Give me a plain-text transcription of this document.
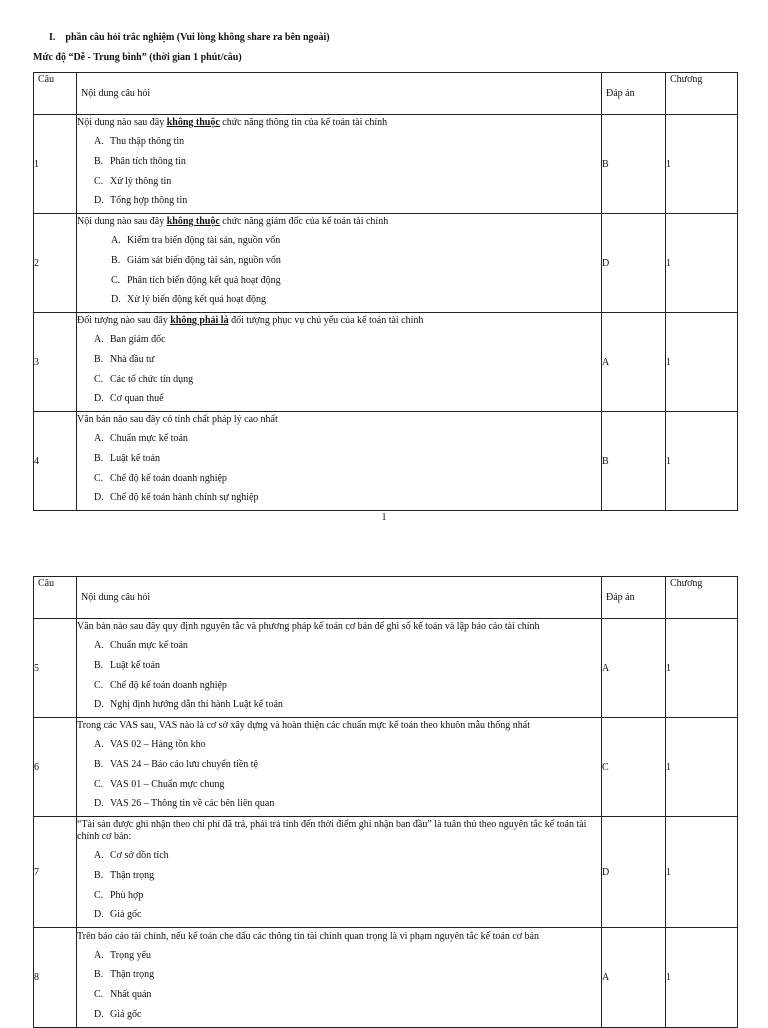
I. phần câu hỏi trắc nghiệm (Vui lòng không share ra bên ngoài)
Mức độ “Dễ - Trung bình” (thời gian 1 phút/câu)
Câu	Nội dung câu hỏi	Đáp án	Chương
1	Nội dung nào sau đây không thuộc chức năng thông tin của kế toán tài chính
A. Thu thập thông tin
B. Phân tích thông tin
C. Xử lý thông tin
D. Tổng hợp thông tin	B	1
2	Nội dung nào sau đây không thuộc chức năng giám đốc của kế toán tài chính
A. Kiểm tra biến động tài sản, nguồn vốn
B. Giám sát biến động tài sản, nguồn vốn
C. Phân tích biến động kết quả hoạt động
D. Xử lý biến động kết quả hoạt động	D	1
3	Đối tượng nào sau đây không phải là đối tượng phục vụ chủ yếu của kế toán tài chính
A. Ban giám đốc
B. Nhà đầu tư
C. Các tổ chức tín dụng
D. Cơ quan thuế	A	1
4	Văn bản nào sau đây có tính chất pháp lý cao nhất
A. Chuẩn mực kế toán
B. Luật kế toán
C. Chế độ kế toán doanh nghiệp
D. Chế độ kế toán hành chính sự nghiệp	B	1
1
Câu	Nội dung câu hỏi	Đáp án	Chương
5	Văn bản nào sau đây quy định nguyên tắc và phương pháp kế toán cơ bản để ghi sổ kế toán và lập báo cáo tài chính
A. Chuẩn mực kế toán
B. Luật kế toán
C. Chế độ kế toán doanh nghiệp
D. Nghị định hướng dẫn thi hành Luật kế toán	A	1
6	Trong các VAS sau, VAS nào là cơ sở xây dựng và hoàn thiện các chuẩn mực kế toán theo khuôn mẫu thống nhất
A. VAS 02 – Hàng tồn kho
B. VAS 24 – Báo cáo lưu chuyển tiền tệ
C. VAS 01 – Chuẩn mực chung
D. VAS 26 – Thông tin về các bên liên quan	C	1
7	“Tài sản được ghi nhận theo chi phí đã trả, phải trả tính đến thời điểm ghi nhận ban đầu” là tuân thủ theo nguyên tắc kế toán tài chính cơ bản:
A. Cơ sở dồn tích
B. Thận trọng
C. Phù hợp
D. Giá gốc	D	1
8	Trên báo cáo tài chính, nếu kế toán che dấu các thông tin tài chính quan trọng là vi phạm nguyên tắc kế toán cơ bản
A. Trọng yếu
B. Thận trọng
C. Nhất quán
D. Giá gốc	A	1
